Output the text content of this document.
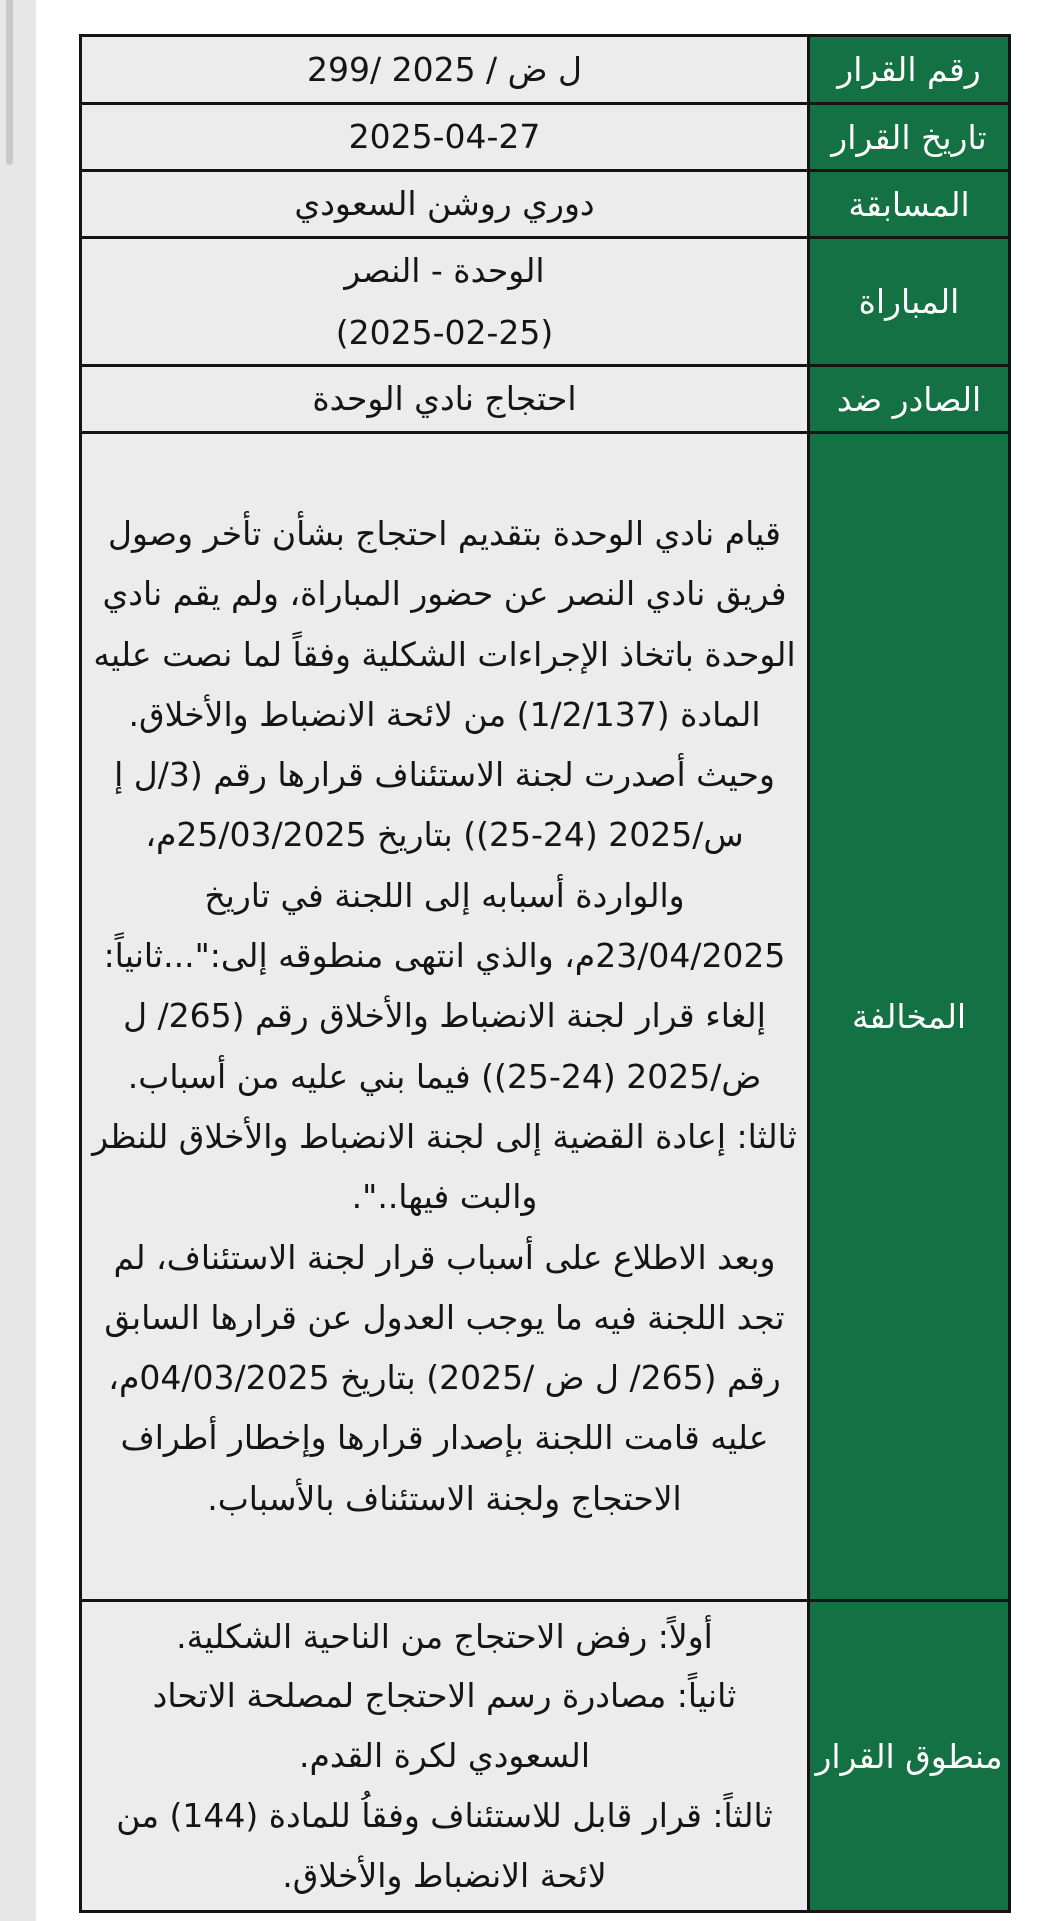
رقم القرار	299/ ل ض / 2025
تاريخ القرار	2025-04-27
المسابقة	دوري روشن السعودي
المباراة	الوحدة - النصر

(2025-02-25)

الصادر ضد	احتجاج نادي الوحدة
المخالفة	قيام نادي الوحدة بتقديم احتجاج بشأن تأخر وصول فريق نادي النصر عن حضور المباراة، ولم يقم نادي الوحدة باتخاذ الإجراءات الشكلية وفقاً لما نصت عليه المادة (1/2/137) من لائحة الانضباط والأخلاق.

وحيث أصدرت لجنة الاستئناف قرارها رقم (3/ل إ س/2025 (24-25)) بتاريخ 25/03/2025م، والواردة أسبابه إلى اللجنة في تاريخ 23/04/2025م، والذي انتهى منطوقه إلى:"...ثانياً: إلغاء قرار لجنة الانضباط والأخلاق رقم (265/ ل ض/2025 (24-25)) فيما بني عليه من أسباب.

ثالثا: إعادة القضية إلى لجنة الانضباط والأخلاق للنظر والبت فيها..".

وبعد الاطلاع على أسباب قرار لجنة الاستئناف، لم تجد اللجنة فيه ما يوجب العدول عن قرارها السابق رقم (265/ ل ض /2025) بتاريخ 04/03/2025م، عليه قامت اللجنة بإصدار قرارها وإخطار أطراف الاحتجاج ولجنة الاستئناف بالأسباب.

منطوق القرار	أولاً: رفض الاحتجاج من الناحية الشكلية.

ثانياً: مصادرة رسم الاحتجاج لمصلحة الاتحاد السعودي لكرة القدم.

ثالثاً: قرار قابل للاستئناف وفقاُ للمادة (144) من لائحة الانضباط والأخلاق.
